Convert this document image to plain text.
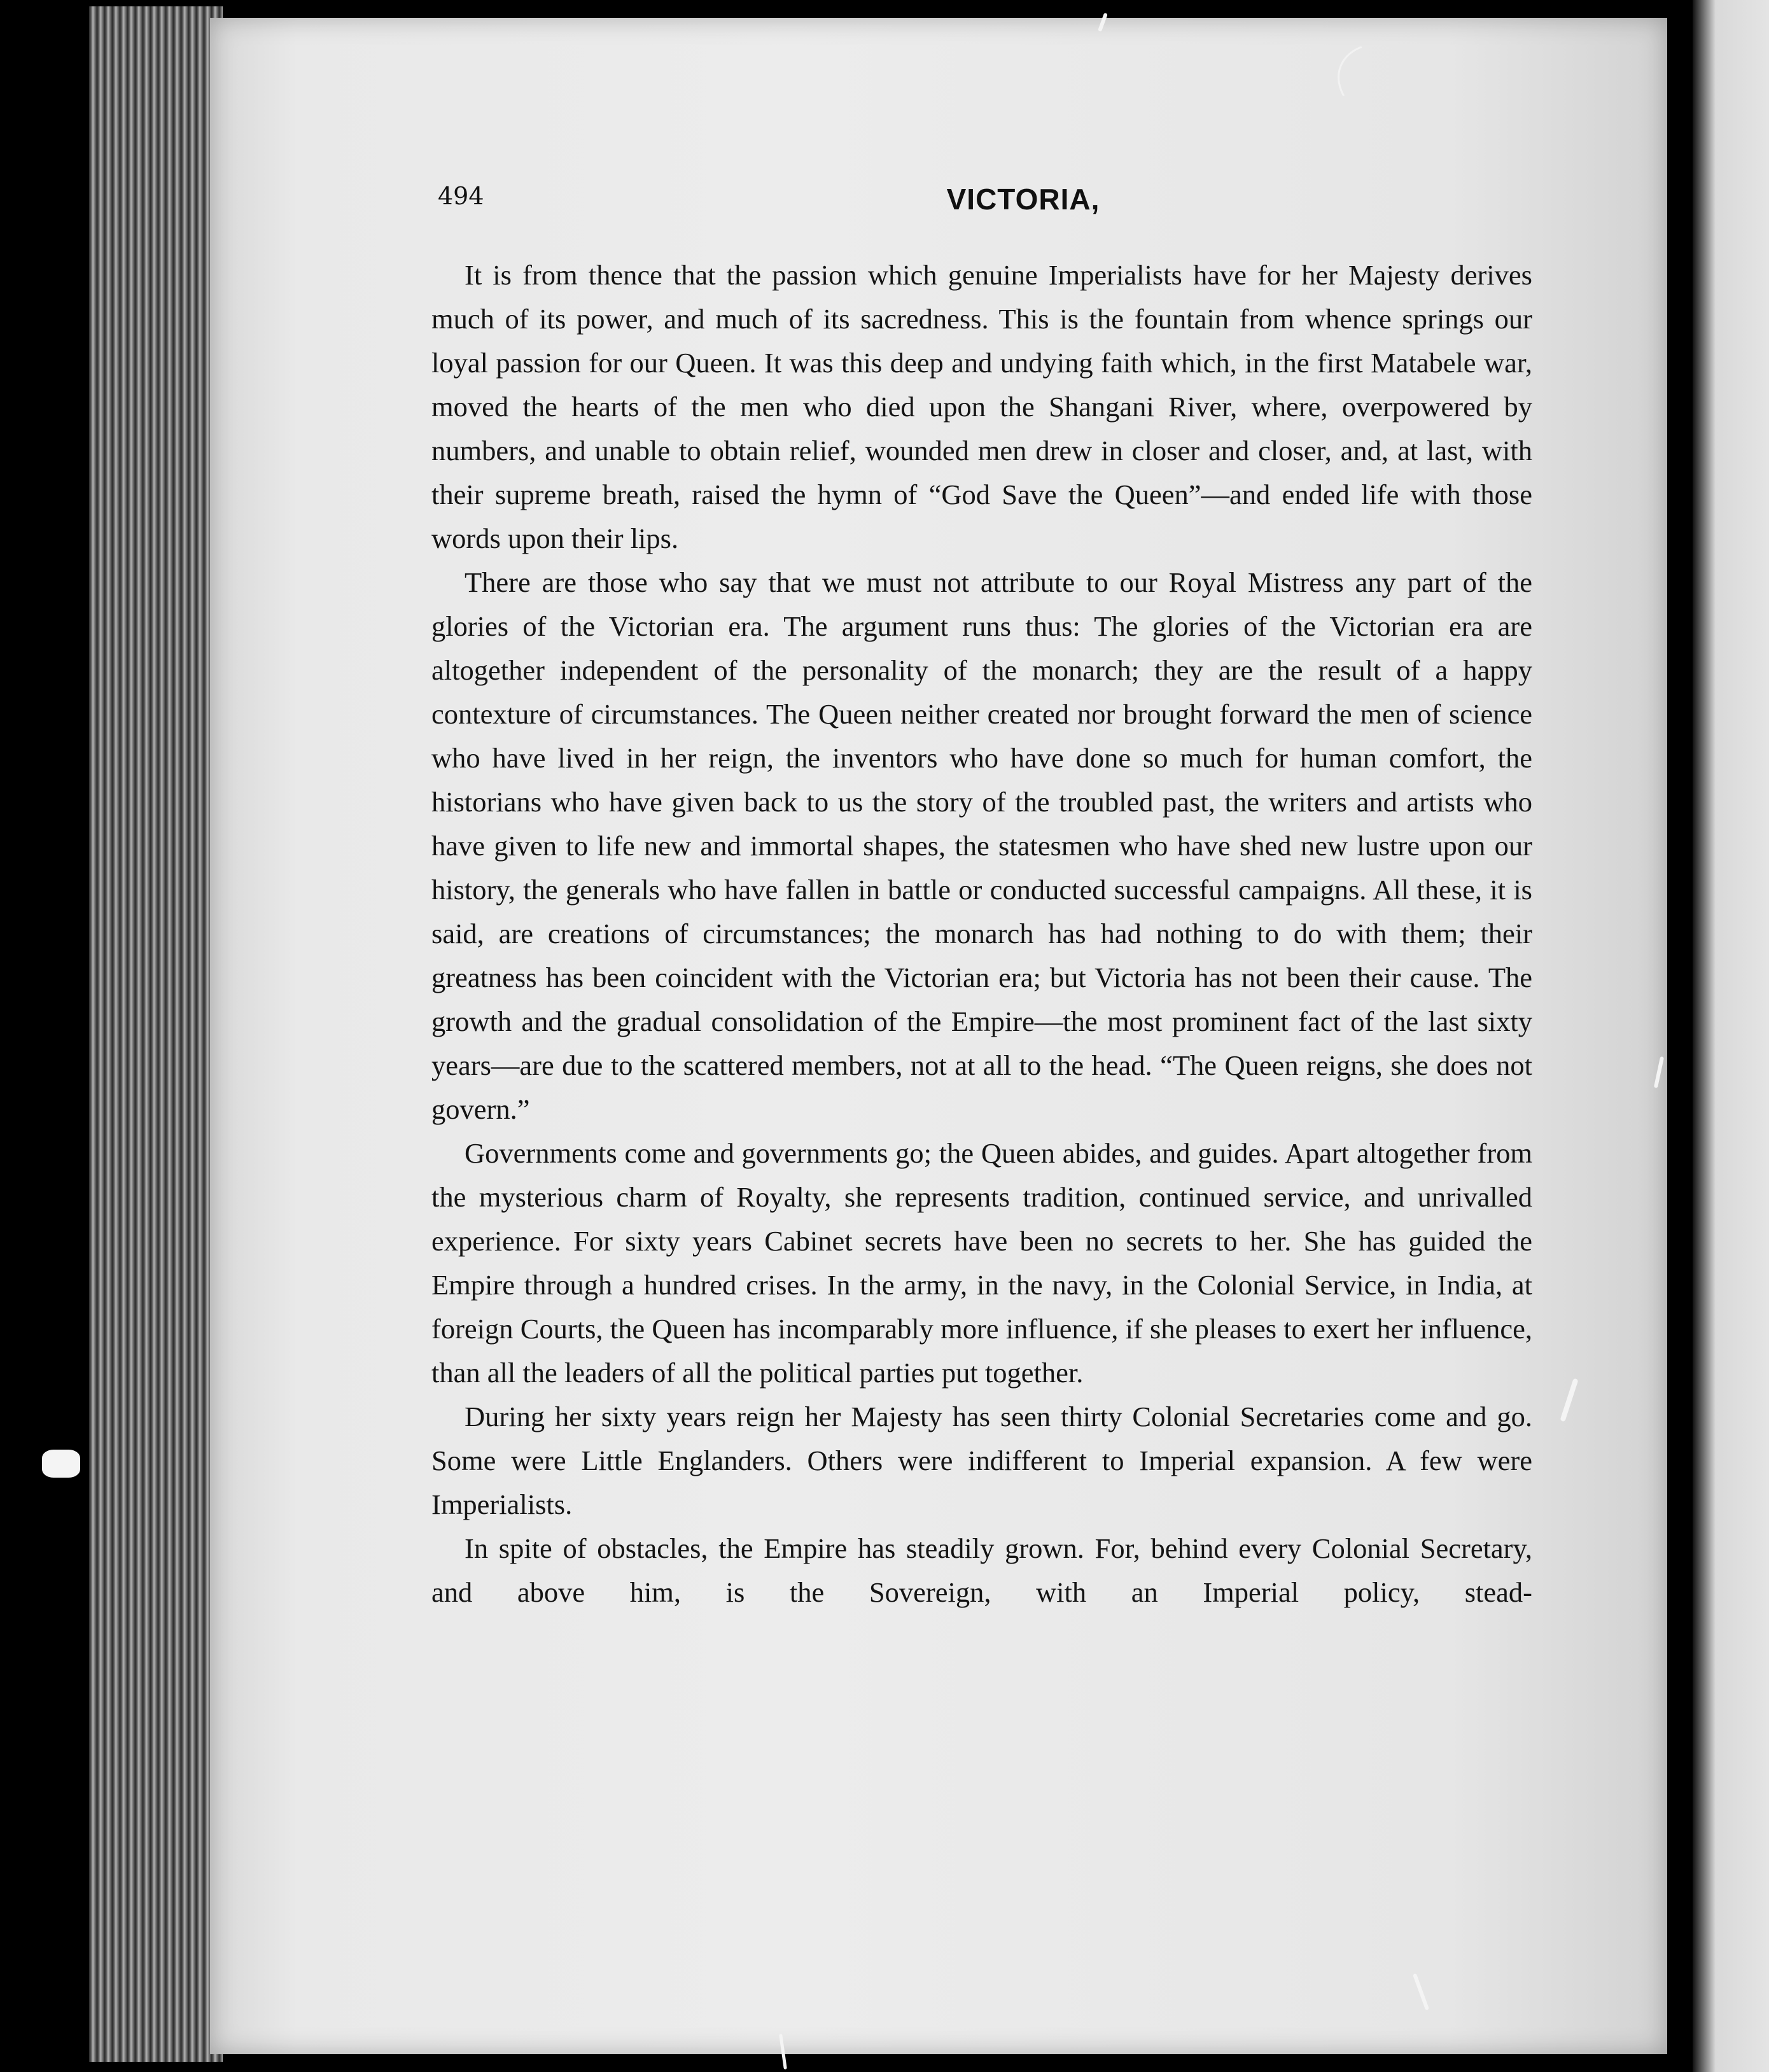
494	VICTORIA,

It is from thence that the passion which genuine Imperialists have for her Majesty derives much of its power, and much of its sacredness. This is the fountain from whence springs our loyal passion for our Queen. It was this deep and undying faith which, in the first Matabele war, moved the hearts of the men who died upon the Shangani River, where, overpowered by numbers, and unable to obtain relief, wounded men drew in closer and closer, and, at last, with their supreme breath, raised the hymn of “God Save the Queen”—and ended life with those words upon their lips.

There are those who say that we must not attribute to our Royal Mistress any part of the glories of the Victorian era. The argument runs thus: The glories of the Victorian era are altogether independent of the personality of the monarch; they are the result of a happy contexture of circumstances. The Queen neither created nor brought forward the men of science who have lived in her reign, the inventors who have done so much for human comfort, the historians who have given back to us the story of the troubled past, the writers and artists who have given to life new and immortal shapes, the statesmen who have shed new lustre upon our history, the generals who have fallen in battle or conducted successful campaigns. All these, it is said, are creations of circumstances; the monarch has had nothing to do with them; their greatness has been coincident with the Victorian era; but Victoria has not been their cause. The growth and the gradual consolidation of the Empire—the most prominent fact of the last sixty years—are due to the scattered members, not at all to the head. “The Queen reigns, she does not govern.”

Governments come and governments go; the Queen abides, and guides. Apart altogether from the mysterious charm of Royalty, she represents tradition, continued service, and unrivalled experience. For sixty years Cabinet secrets have been no secrets to her. She has guided the Empire through a hundred crises. In the army, in the navy, in the Colonial Service, in India, at foreign Courts, the Queen has incomparably more influence, if she pleases to exert her influence, than all the leaders of all the political parties put together.

During her sixty years reign her Majesty has seen thirty Colonial Secretaries come and go. Some were Little Englanders. Others were indifferent to Imperial expansion. A few were Imperialists.

In spite of obstacles, the Empire has steadily grown. For, behind every Colonial Secretary, and above him, is the Sovereign, with an Imperial policy, stead-
